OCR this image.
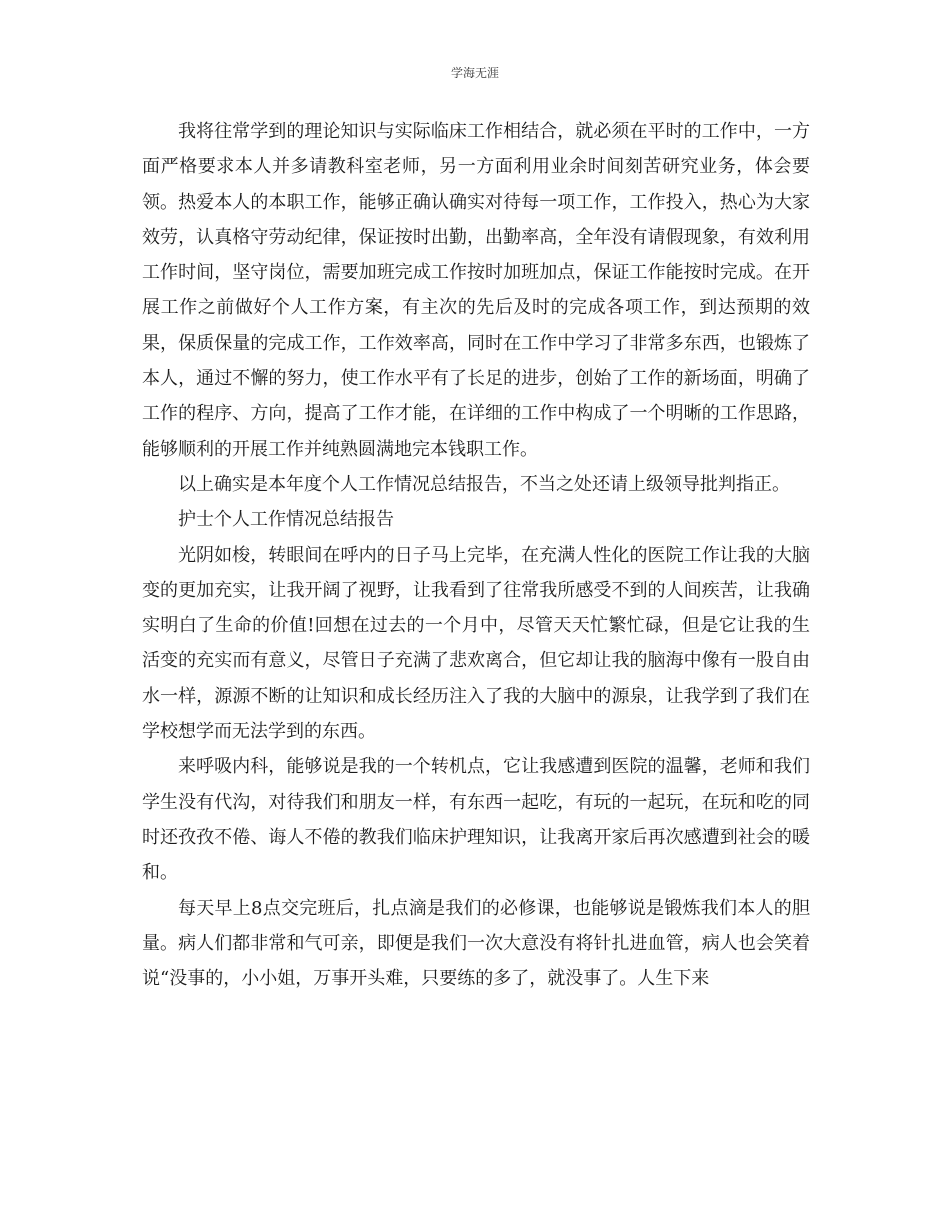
学海无涯

我将往常学到的理论知识与实际临床工作相结合，就必须在平时的工作中，一方面严格要求本人并多请教科室老师，另一方面利用业余时间刻苦研究业务，体会要领。热爱本人的本职工作，能够正确认确实对待每一项工作，工作投入，热心为大家效劳，认真格守劳动纪律，保证按时出勤，出勤率高，全年没有请假现象，有效利用工作时间，坚守岗位，需要加班完成工作按时加班加点，保证工作能按时完成。在开展工作之前做好个人工作方案，有主次的先后及时的完成各项工作，到达预期的效果，保质保量的完成工作，工作效率高，同时在工作中学习了非常多东西，也锻炼了本人，通过不懈的努力，使工作水平有了长足的进步，创始了工作的新场面，明确了工作的程序、方向，提高了工作才能，在详细的工作中构成了一个明晰的工作思路，能够顺利的开展工作并纯熟圆满地完本钱职工作。

以上确实是本年度个人工作情况总结报告，不当之处还请上级领导批判指正。

护士个人工作情况总结报告

光阴如梭，转眼间在呼内的日子马上完毕，在充满人性化的医院工作让我的大脑变的更加充实，让我开阔了视野，让我看到了往常我所感受不到的人间疾苦，让我确实明白了生命的价值!回想在过去的一个月中，尽管天天忙繁忙碌，但是它让我的生活变的充实而有意义，尽管日子充满了悲欢离合，但它却让我的脑海中像有一股自由水一样，源源不断的让知识和成长经历注入了我的大脑中的源泉，让我学到了我们在学校想学而无法学到的东西。

来呼吸内科，能够说是我的一个转机点，它让我感遭到医院的温馨，老师和我们学生没有代沟，对待我们和朋友一样，有东西一起吃，有玩的一起玩，在玩和吃的同时还孜孜不倦、诲人不倦的教我们临床护理知识，让我离开家后再次感遭到社会的暖和。

每天早上8点交完班后，扎点滴是我们的必修课，也能够说是锻炼我们本人的胆量。病人们都非常和气可亲，即便是我们一次大意没有将针扎进血管，病人也会笑着说“没事的，小小姐，万事开头难，只要练的多了，就没事了。人生下来
